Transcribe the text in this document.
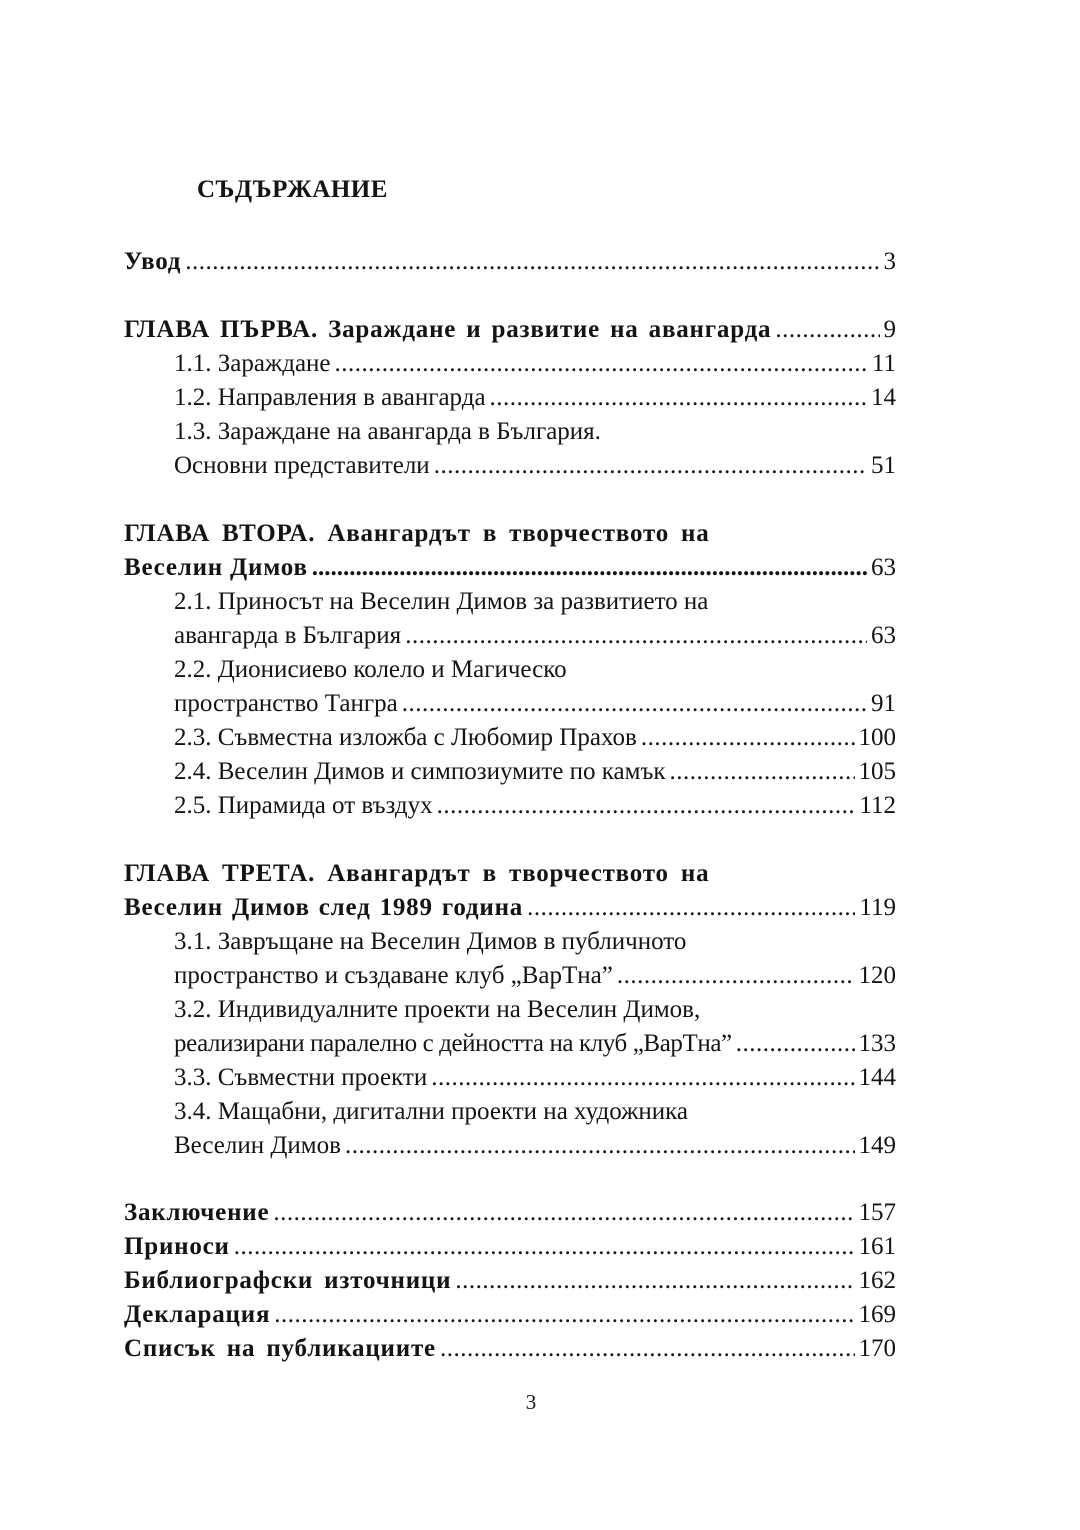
СЪДЪРЖАНИЕ
Увод .....	3
ГЛАВА ПЪРВА. Зараждане и развитие на авангарда .....	9
1.1. Зараждане .....	11
1.2. Направления в авангарда .....	14
1.3. Зараждане на авангарда в България.
Основни представители .....	51
ГЛАВА ВТОРА. Авангардът в творчеството на
Веселин Димов .....	63
2.1. Приносът на Веселин Димов за развитието на
авангарда в България .....	63
2.2. Дионисиево колело и Магическо
пространство Тангра .....	91
2.3. Съвместна изложба с Любомир Прахов .....	100
2.4. Веселин Димов и симпозиумите по камък .....	105
2.5. Пирамида от въздух .....	112
ГЛАВА ТРЕТА. Авангардът в творчеството на
Веселин Димов след 1989 година .....	119
3.1. Завръщане на Веселин Димов в публичното
пространство и създаване клуб „ВарТна” .....	120
3.2. Индивидуалните проекти на Веселин Димов,
реализирани паралелно с дейността на клуб „ВарТна” .....	133
3.3. Съвместни проекти .....	144
3.4. Мащабни, дигитални проекти на художника
Веселин Димов .....	149
Заключение .....	157
Приноси .....	161
Библиографски източници .....	162
Декларация .....	169
Списък на публикациите .....	170
3
